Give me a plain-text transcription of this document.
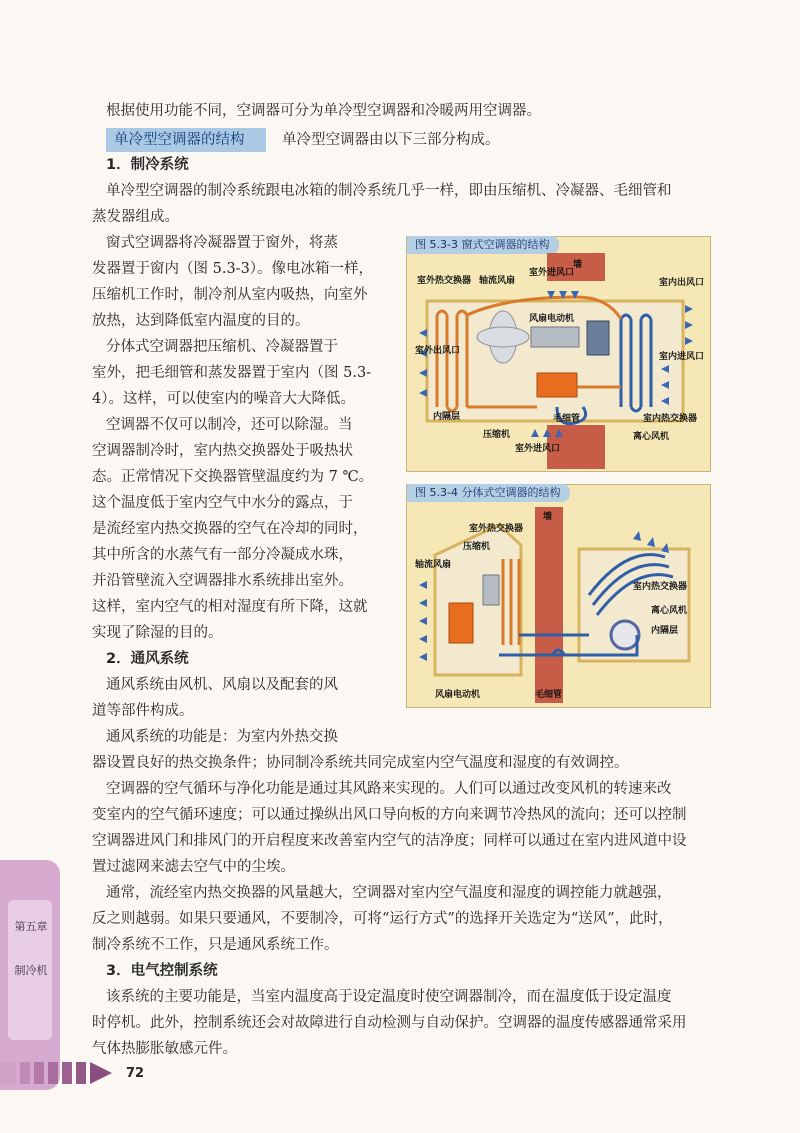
根据使用功能不同，空调器可分为单冷型空调器和冷暖两用空调器。
单冷型空调器的结构	单冷型空调器由以下三部分构成。
1．制冷系统
单冷型空调器的制冷系统跟电冰箱的制冷系统几乎一样，即由压缩机、冷凝器、毛细管和
蒸发器组成。
窗式空调器将冷凝器置于窗外，将蒸
发器置于窗内（图 5.3-3）。像电冰箱一样，
压缩机工作时，制冷剂从室内吸热，向室外
放热，达到降低室内温度的目的。
分体式空调器把压缩机、冷凝器置于
室外，把毛细管和蒸发器置于室内（图 5.3-
4）。这样，可以使室内的噪音大大降低。
空调器不仅可以制冷，还可以除湿。当
空调器制冷时，室内热交换器处于吸热状
态。正常情况下交换器管壁温度约为 7 ℃。
这个温度低于室内空气中水分的露点，于
是流经室内热交换器的空气在冷却的同时，
其中所含的水蒸气有一部分冷凝成水珠，
并沿管壁流入空调器排水系统排出室外。
这样，室内空气的相对湿度有所下降，这就
实现了除湿的目的。
2．通风系统
通风系统由风机、风扇以及配套的风
道等部件构成。
通风系统的功能是：为室内外热交换
器设置良好的热交换条件；协同制冷系统共同完成室内空气温度和湿度的有效调控。
空调器的空气循环与净化功能是通过其风路来实现的。人们可以通过改变风机的转速来改
变室内的空气循环速度；可以通过操纵出风口导向板的方向来调节冷热风的流向；还可以控制
空调器进风门和排风门的开启程度来改善室内空气的洁净度；同样可以通过在室内进风道中设
置过滤网来滤去空气中的尘埃。
通常，流经室内热交换器的风量越大，空调器对室内空气温度和湿度的调控能力就越强，
反之则越弱。如果只要通风，不要制冷，可将“运行方式”的选择开关选定为“送风”，此时，
制冷系统不工作，只是通风系统工作。
3．电气控制系统
该系统的主要功能是，当室内温度高于设定温度时使空调器制冷，而在温度低于设定温度
时停机。此外，控制系统还会对故障进行自动检测与自动保护。空调器的温度传感器通常采用
气体热膨胀敏感元件。
图 5.3-3 窗式空调器的结构
墙
室外热交换器 轴流风扇
室外进风口
室内出风口
室外出风口
风扇电动机
室内进风口
内隔层	毛细管	室内热交换器
压缩机
室外进风口
离心风机
图 5.3-4 分体式空调器的结构
墙
室外热交换器
压缩机
轴流风扇
室内热交换器
离心风机
内隔层
风扇电动机	毛细管
第五章
制冷机
72
